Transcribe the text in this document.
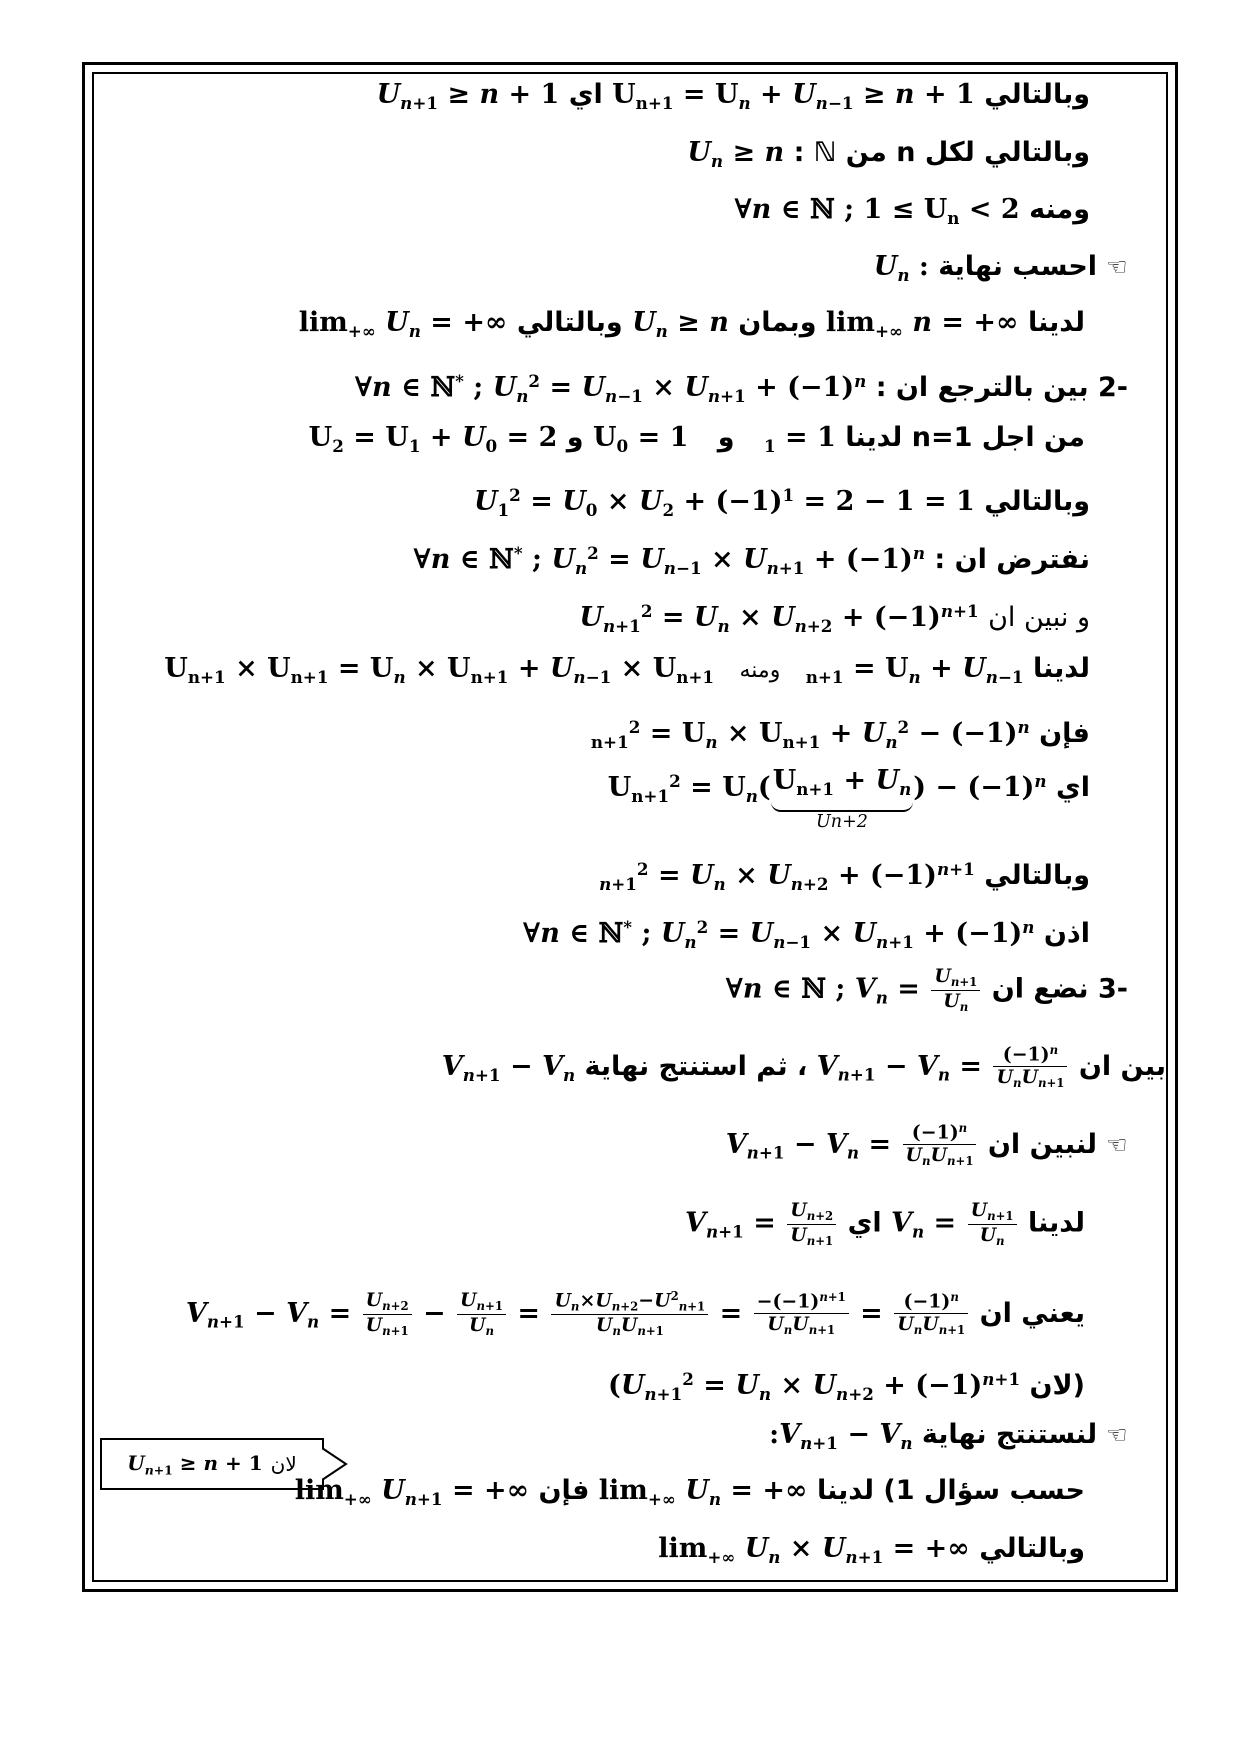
وبالتالي $U_{n+1} = U_n + U_{n-1} \ge n + 1$ اي $U_{n+1} \ge n + 1$
وبالتالي لكل n من ℕ : $U_n \ge n$
ومنه ∀n ∈ ℕ ; $1 \le U_n < 2$
☞ احسب نهاية $U_n$ :
لدينا $\lim_{+\infty} n$ = +∞ وبمان $U_n \ge n$ وبالتالي $\lim_{+\infty} U_n$ = +∞
-2 بين بالترجع ان : ∀n ∈ ℕ* ; $U_n^2 = U_{n-1} \times U_{n+1} + (-1)^n$
من اجل n=1 لدينا $_1$ = 1 و $U_0 = 1$ و $U_2 = U_1 + U_0 = 2$
وبالتالي $U_1^2 = U_0 \times U_2 + (-1)^1 = 2 - 1 = 1$
نفترض ان : ∀n ∈ ℕ* ; $U_n^2 = U_{n-1} \times U_{n+1} + (-1)^n$
و نبين ان $U_{n+1}^2 = U_n \times U_{n+2} + (-1)^{n+1}$
لدينا $_{n+1} = U_n + U_{n-1}$ ومنه $U_{n+1} \times U_{n+1} = U_n \times U_{n+1} + U_{n-1} \times U_{n+1}$
فإن $_{n+1}^2 = U_n \times U_{n+1} + U_n^2 - (-1)^n$
اي $U_{n+1}^2 = U_n$( $U_{n+1} + U_n$
Un+2
) − $(-1)^n$
وبالتالي $_{n+1}^2 = U_n \times U_{n+2} + (-1)^{n+1}$
اذن ∀n ∈ ℕ* ; $U_n^2 = U_{n-1} \times U_{n+1} + (-1)^n$
-3 نضع ان ∀n ∈ ℕ ; $V_n = \frac{U_{n+1}}{U_n}$
بين ان $V_{n+1} - V_n = \frac{(-1)^n}{U_nU_{n+1}}$
، ثم استنتج نهاية $V_{n+1} - V_n$
☞ لنبين ان $V_{n+1} - V_n = \frac{(-1)^n}{U_nU_{n+1}}$
لدينا $V_n = \frac{U_{n+1}}{U_n}$
اي $V_{n+1} = \frac{U_{n+2}}{U_{n+1}}$
يعني ان $V_{n+1} - V_n = \frac{U_{n+2}}{U_{n+1}} - \frac{U_{n+1}}{U_n} = \frac{U_n\times U_{n+2}-U^2_{n+1}}{U_nU_{n+1}} = \frac{-(-1)^{n+1}}{U_nU_{n+1}} = \frac{(-1)^n}{U_nU_{n+1}}$
(لان ($U_{n+1}^2 = U_n \times U_{n+2} + (-1)^{n+1}$
☞ لنستنتج نهاية $:V_{n+1} - V_n$
حسب سؤال 1) لدينا $\lim_{+\infty} U_n$ = +∞ فإن $\lim_{+\infty} U_{n+1}$ = +∞
وبالتالي $\lim_{+\infty} U_n \times U_{n+1}$ = +∞
لان
$U_{n+1} \ge n + 1$
